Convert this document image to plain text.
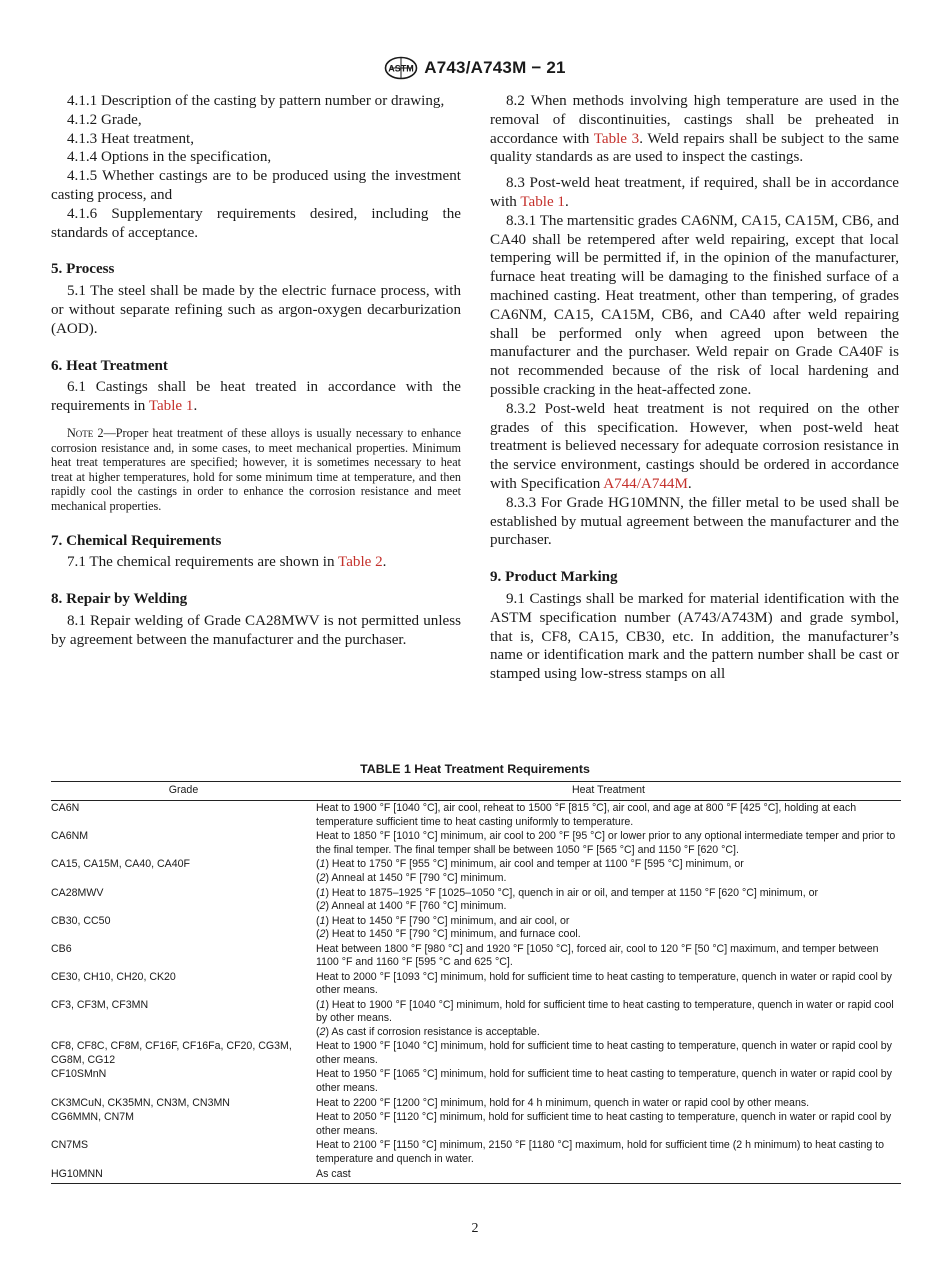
ASTM A743/A743M − 21

4.1.1 Description of the casting by pattern number or drawing,

4.1.2 Grade,

4.1.3 Heat treatment,

4.1.4 Options in the specification,

4.1.5 Whether castings are to be produced using the investment casting process, and

4.1.6 Supplementary requirements desired, including the standards of acceptance.

5. Process

5.1 The steel shall be made by the electric furnace process, with or without separate refining such as argon-oxygen decarburization (AOD).

6. Heat Treatment

6.1 Castings shall be heat treated in accordance with the requirements in Table 1.

Note 2—Proper heat treatment of these alloys is usually necessary to enhance corrosion resistance and, in some cases, to meet mechanical properties. Minimum heat treat temperatures are specified; however, it is sometimes necessary to heat treat at higher temperatures, hold for some minimum time at temperature, and then rapidly cool the castings in order to enhance the corrosion resistance and meet mechanical properties.

7. Chemical Requirements

7.1 The chemical requirements are shown in Table 2.

8. Repair by Welding

8.1 Repair welding of Grade CA28MWV is not permitted unless by agreement between the manufacturer and the purchaser.

8.2 When methods involving high temperature are used in the removal of discontinuities, castings shall be preheated in accordance with Table 3. Weld repairs shall be subject to the same quality standards as are used to inspect the castings.

8.3 Post-weld heat treatment, if required, shall be in accordance with Table 1.

8.3.1 The martensitic grades CA6NM, CA15, CA15M, CB6, and CA40 shall be retempered after weld repairing, except that local tempering will be permitted if, in the opinion of the manufacturer, furnace heat treating will be damaging to the finished surface of a machined casting. Heat treatment, other than tempering, of grades CA6NM, CA15, CA15M, CB6, and CA40 after weld repairing shall be performed only when agreed upon between the manufacturer and the purchaser. Weld repair on Grade CA40F is not recommended because of the risk of local hardening and possible cracking in the heat-affected zone.

8.3.2 Post-weld heat treatment is not required on the other grades of this specification. However, when post-weld heat treatment is believed necessary for adequate corrosion resistance in the service environment, castings should be ordered in accordance with Specification A744/A744M.

8.3.3 For Grade HG10MNN, the filler metal to be used shall be established by mutual agreement between the manufacturer and the purchaser.

9. Product Marking

9.1 Castings shall be marked for material identification with the ASTM specification number (A743/A743M) and grade symbol, that is, CF8, CA15, CB30, etc. In addition, the manufacturer’s name or identification mark and the pattern number shall be cast or stamped using low-stress stamps on all

TABLE 1 Heat Treatment Requirements
Grade	Heat Treatment
CA6N	Heat to 1900 °F [1040 °C], air cool, reheat to 1500 °F [815 °C], air cool, and age at 800 °F [425 °C], holding at each temperature sufficient time to heat casting uniformly to temperature.
CA6NM	Heat to 1850 °F [1010 °C] minimum, air cool to 200 °F [95 °C] or lower prior to any optional intermediate temper and prior to the final temper. The final temper shall be between 1050 °F [565 °C] and 1150 °F [620 °C].
CA15, CA15M, CA40, CA40F	(1) Heat to 1750 °F [955 °C] minimum, air cool and temper at 1100 °F [595 °C] minimum, or
(2) Anneal at 1450 °F [790 °C] minimum.

CA28MWV	(1) Heat to 1875–1925 °F [1025–1050 °C], quench in air or oil, and temper at 1150 °F [620 °C] minimum, or
(2) Anneal at 1400 °F [760 °C] minimum.

CB30, CC50	(1) Heat to 1450 °F [790 °C] minimum, and air cool, or
(2) Heat to 1450 °F [790 °C] minimum, and furnace cool.

CB6	Heat between 1800 °F [980 °C] and 1920 °F [1050 °C], forced air, cool to 120 °F [50 °C] maximum, and temper between 1100 °F and 1160 °F [595 °C and 625 °C].
CE30, CH10, CH20, CK20	Heat to 2000 °F [1093 °C] minimum, hold for sufficient time to heat casting to temperature, quench in water or rapid cool by other means.
CF3, CF3M, CF3MN	(1) Heat to 1900 °F [1040 °C] minimum, hold for sufficient time to heat casting to temperature, quench in water or rapid cool by other means.
(2) As cast if corrosion resistance is acceptable.

CF8, CF8C, CF8M, CF16F, CF16Fa, CF20, CG3M, CG8M, CG12	Heat to 1900 °F [1040 °C] minimum, hold for sufficient time to heat casting to temperature, quench in water or rapid cool by other means.
CF10SMnN	Heat to 1950 °F [1065 °C] minimum, hold for sufficient time to heat casting to temperature, quench in water or rapid cool by other means.
CK3MCuN, CK35MN, CN3M, CN3MN	Heat to 2200 °F [1200 °C] minimum, hold for 4 h minimum, quench in water or rapid cool by other means.
CG6MMN, CN7M	Heat to 2050 °F [1120 °C] minimum, hold for sufficient time to heat casting to temperature, quench in water or rapid cool by other means.
CN7MS	Heat to 2100 °F [1150 °C] minimum, 2150 °F [1180 °C] maximum, hold for sufficient time (2 h minimum) to heat casting to temperature and quench in water.
HG10MNN	As cast
2
